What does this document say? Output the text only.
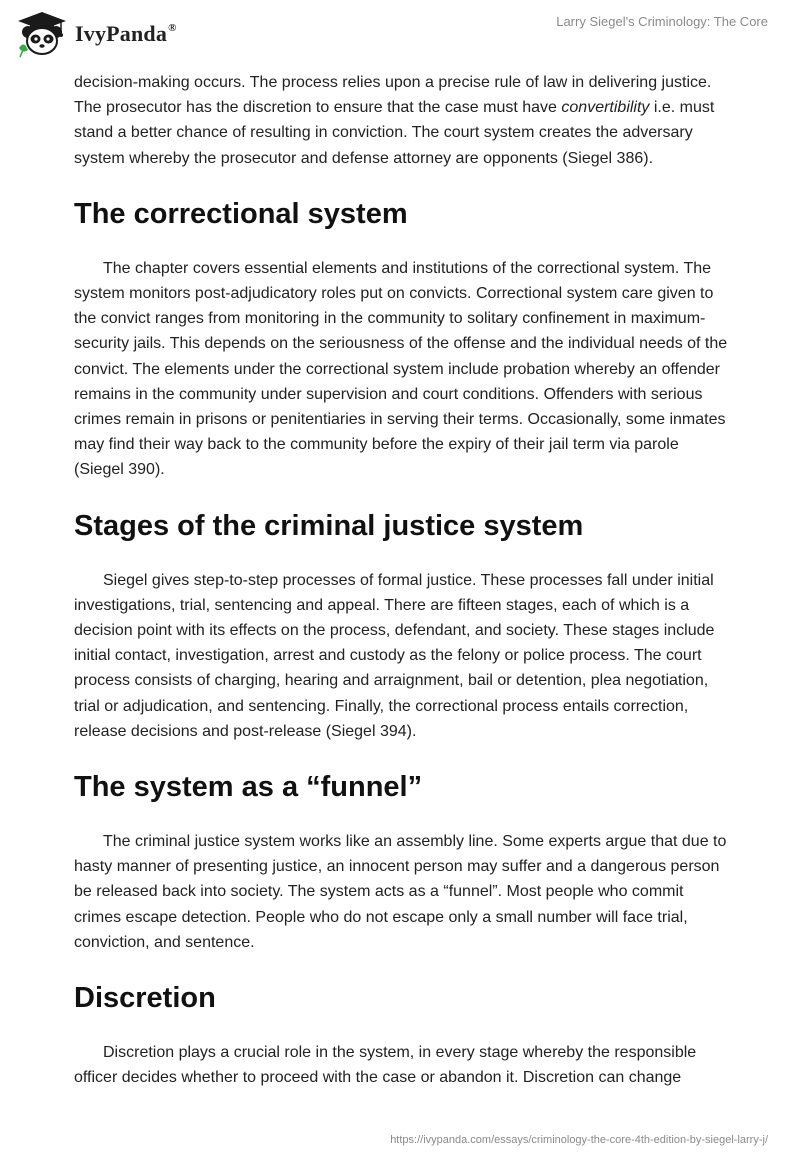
IvyPanda®	Larry Siegel's Criminology: The Core

decision-making occurs. The process relies upon a precise rule of law in delivering justice. The prosecutor has the discretion to ensure that the case must have convertibility i.e. must stand a better chance of resulting in conviction. The court system creates the adversary system whereby the prosecutor and defense attorney are opponents (Siegel 386).

The correctional system

The chapter covers essential elements and institutions of the correctional system. The system monitors post-adjudicatory roles put on convicts. Correctional system care given to the convict ranges from monitoring in the community to solitary confinement in maximum-security jails. This depends on the seriousness of the offense and the individual needs of the convict. The elements under the correctional system include probation whereby an offender remains in the community under supervision and court conditions. Offenders with serious crimes remain in prisons or penitentiaries in serving their terms. Occasionally, some inmates may find their way back to the community before the expiry of their jail term via parole (Siegel 390).

Stages of the criminal justice system

Siegel gives step-to-step processes of formal justice. These processes fall under initial investigations, trial, sentencing and appeal. There are fifteen stages, each of which is a decision point with its effects on the process, defendant, and society. These stages include initial contact, investigation, arrest and custody as the felony or police process. The court process consists of charging, hearing and arraignment, bail or detention, plea negotiation, trial or adjudication, and sentencing. Finally, the correctional process entails correction, release decisions and post-release (Siegel 394).

The system as a “funnel”

The criminal justice system works like an assembly line. Some experts argue that due to hasty manner of presenting justice, an innocent person may suffer and a dangerous person be released back into society. The system acts as a “funnel”. Most people who commit crimes escape detection. People who do not escape only a small number will face trial, conviction, and sentence.

Discretion

Discretion plays a crucial role in the system, in every stage whereby the responsible officer decides whether to proceed with the case or abandon it. Discretion can change

https://ivypanda.com/essays/criminology-the-core-4th-edition-by-siegel-larry-j/
